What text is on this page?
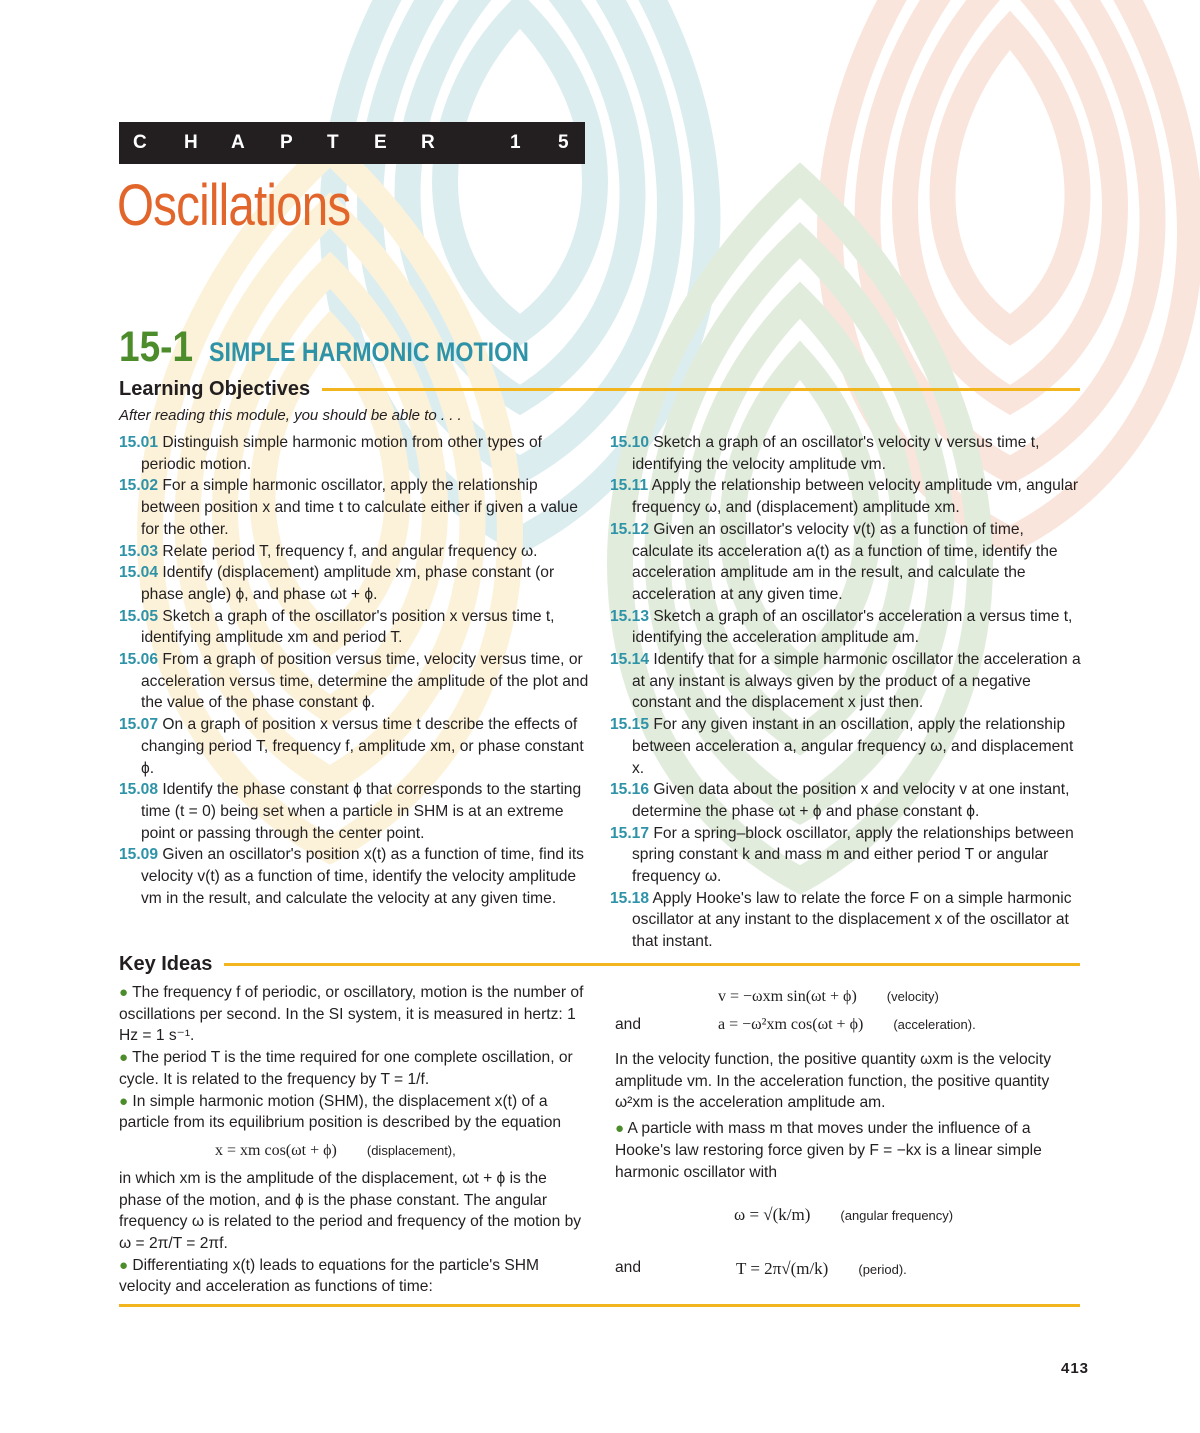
C H A P T E R	1 5
Oscillations
15-1 SIMPLE HARMONIC MOTION
Learning Objectives
After reading this module, you should be able to . . .

15.01 Distinguish simple harmonic motion from other types of periodic motion.

15.02 For a simple harmonic oscillator, apply the relationship between position x and time t to calculate either if given a value for the other.

15.03 Relate period T, frequency f, and angular frequency ω.

15.04 Identify (displacement) amplitude xm, phase constant (or phase angle) ϕ, and phase ωt + ϕ.

15.05 Sketch a graph of the oscillator's position x versus time t, identifying amplitude xm and period T.

15.06 From a graph of position versus time, velocity versus time, or acceleration versus time, determine the amplitude of the plot and the value of the phase constant ϕ.

15.07 On a graph of position x versus time t describe the effects of changing period T, frequency f, amplitude xm, or phase constant ϕ.

15.08 Identify the phase constant ϕ that corresponds to the starting time (t = 0) being set when a particle in SHM is at an extreme point or passing through the center point.

15.09 Given an oscillator's position x(t) as a function of time, find its velocity v(t) as a function of time, identify the velocity amplitude vm in the result, and calculate the velocity at any given time.

15.10 Sketch a graph of an oscillator's velocity v versus time t, identifying the velocity amplitude vm.

15.11 Apply the relationship between velocity amplitude vm, angular frequency ω, and (displacement) amplitude xm.

15.12 Given an oscillator's velocity v(t) as a function of time, calculate its acceleration a(t) as a function of time, identify the acceleration amplitude am in the result, and calculate the acceleration at any given time.

15.13 Sketch a graph of an oscillator's acceleration a versus time t, identifying the acceleration amplitude am.

15.14 Identify that for a simple harmonic oscillator the acceleration a at any instant is always given by the product of a negative constant and the displacement x just then.

15.15 For any given instant in an oscillation, apply the relationship between acceleration a, angular frequency ω, and displacement x.

15.16 Given data about the position x and velocity v at one instant, determine the phase ωt + ϕ and phase constant ϕ.

15.17 For a spring–block oscillator, apply the relationships between spring constant k and mass m and either period T or angular frequency ω.

15.18 Apply Hooke's law to relate the force F on a simple harmonic oscillator at any instant to the displacement x of the oscillator at that instant.

Key Ideas

● The frequency f of periodic, or oscillatory, motion is the number of oscillations per second. In the SI system, it is measured in hertz: 1 Hz = 1 s⁻¹.

● The period T is the time required for one complete oscillation, or cycle. It is related to the frequency by T = 1/f.

● In simple harmonic motion (SHM), the displacement x(t) of a particle from its equilibrium position is described by the equation

x = xm cos(ωt + ϕ) (displacement),

in which xm is the amplitude of the displacement, ωt + ϕ is the phase of the motion, and ϕ is the phase constant. The angular frequency ω is related to the period and frequency of the motion by ω = 2π/T = 2πf.

● Differentiating x(t) leads to equations for the particle's SHM velocity and acceleration as functions of time:

v = −ωxm sin(ωt + ϕ) (velocity)
and	a = −ω²xm cos(ωt + ϕ) (acceleration).

In the velocity function, the positive quantity ωxm is the velocity amplitude vm. In the acceleration function, the positive quantity ω²xm is the acceleration amplitude am.

● A particle with mass m that moves under the influence of a Hooke's law restoring force given by F = −kx is a linear simple harmonic oscillator with

ω = √(k/m) (angular frequency)
and	T = 2π√(m/k) (period).
413
